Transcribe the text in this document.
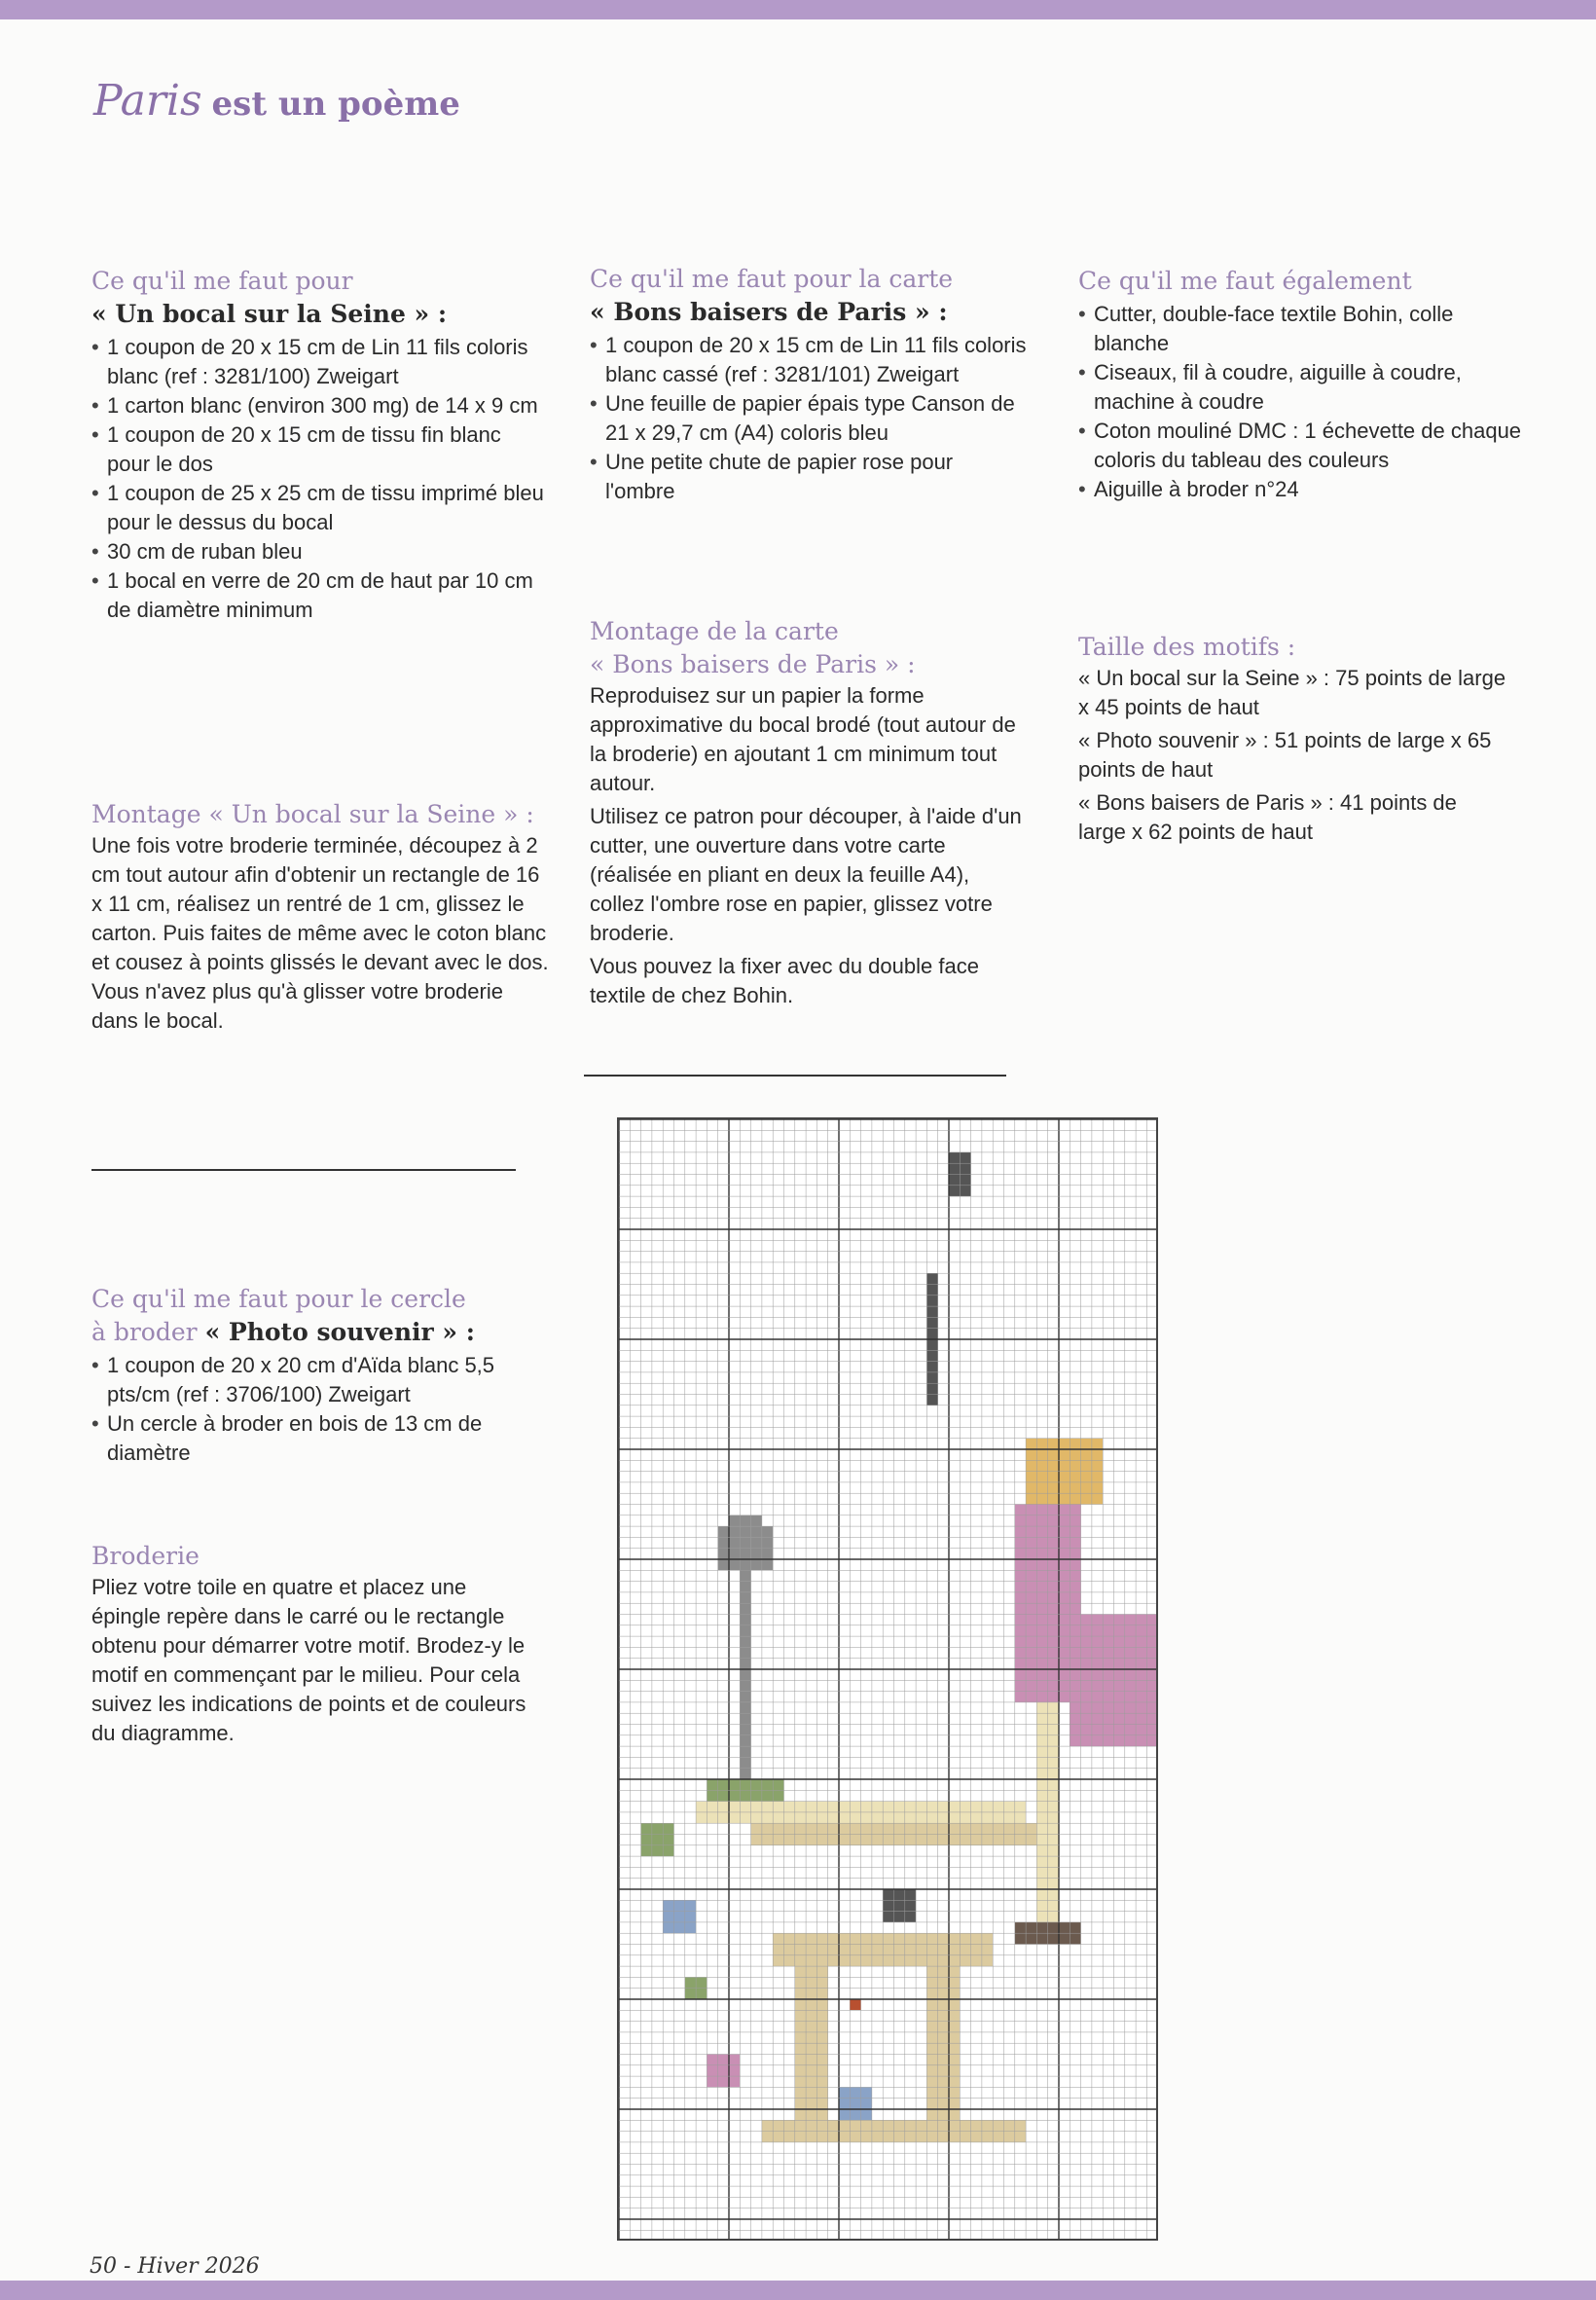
Paris est un poème
Ce qu'il me faut pour
« Un bocal sur la Seine » :
• 1 coupon de 20 x 15 cm de Lin 11 fils coloris blanc (ref : 3281/100) Zweigart
• 1 carton blanc (environ 300 mg) de 14 x 9 cm
• 1 coupon de 20 x 15 cm de tissu fin blanc pour le dos
• 1 coupon de 25 x 25 cm de tissu imprimé bleu pour le dessus du bocal
• 30 cm de ruban bleu
• 1 bocal en verre de 20 cm de haut par 10 cm de diamètre minimum
Montage « Un bocal sur la Seine » :

Une fois votre broderie terminée, découpez à 2 cm tout autour afin d'obtenir un rectangle de 16 x 11 cm, réalisez un rentré de 1 cm, glissez le carton. Puis faites de même avec le coton blanc et cousez à points glissés le devant avec le dos. Vous n'avez plus qu'à glisser votre broderie dans le bocal.

Ce qu'il me faut pour le cercle
à broder « Photo souvenir » :
• 1 coupon de 20 x 20 cm d'Aïda blanc 5,5 pts/cm (ref : 3706/100) Zweigart
• Un cercle à broder en bois de 13 cm de diamètre
Broderie

Pliez votre toile en quatre et placez une épingle repère dans le carré ou le rectangle obtenu pour démarrer votre motif. Brodez-y le motif en commençant par le milieu. Pour cela suivez les indications de points et de couleurs du diagramme.

Ce qu'il me faut pour la carte
« Bons baisers de Paris » :
• 1 coupon de 20 x 15 cm de Lin 11 fils coloris blanc cassé (ref : 3281/101) Zweigart
• Une feuille de papier épais type Canson de 21 x 29,7 cm (A4) coloris bleu
• Une petite chute de papier rose pour l'ombre
Montage de la carte
« Bons baisers de Paris » :

Reproduisez sur un papier la forme approximative du bocal brodé (tout autour de la broderie) en ajoutant 1 cm minimum tout autour.

Utilisez ce patron pour découper, à l'aide d'un cutter, une ouverture dans votre carte (réalisée en pliant en deux la feuille A4), collez l'ombre rose en papier, glissez votre broderie.

Vous pouvez la fixer avec du double face textile de chez Bohin.

Ce qu'il me faut également
• Cutter, double-face textile Bohin, colle blanche
• Ciseaux, fil à coudre, aiguille à coudre, machine à coudre
• Coton mouliné DMC : 1 échevette de chaque coloris du tableau des couleurs
• Aiguille à broder n°24
Taille des motifs :

« Un bocal sur la Seine » : 75 points de large x 45 points de haut

« Photo souvenir » : 51 points de large x 65 points de haut

« Bons baisers de Paris » : 41 points de large x 62 points de haut

50 - Hiver 2026
